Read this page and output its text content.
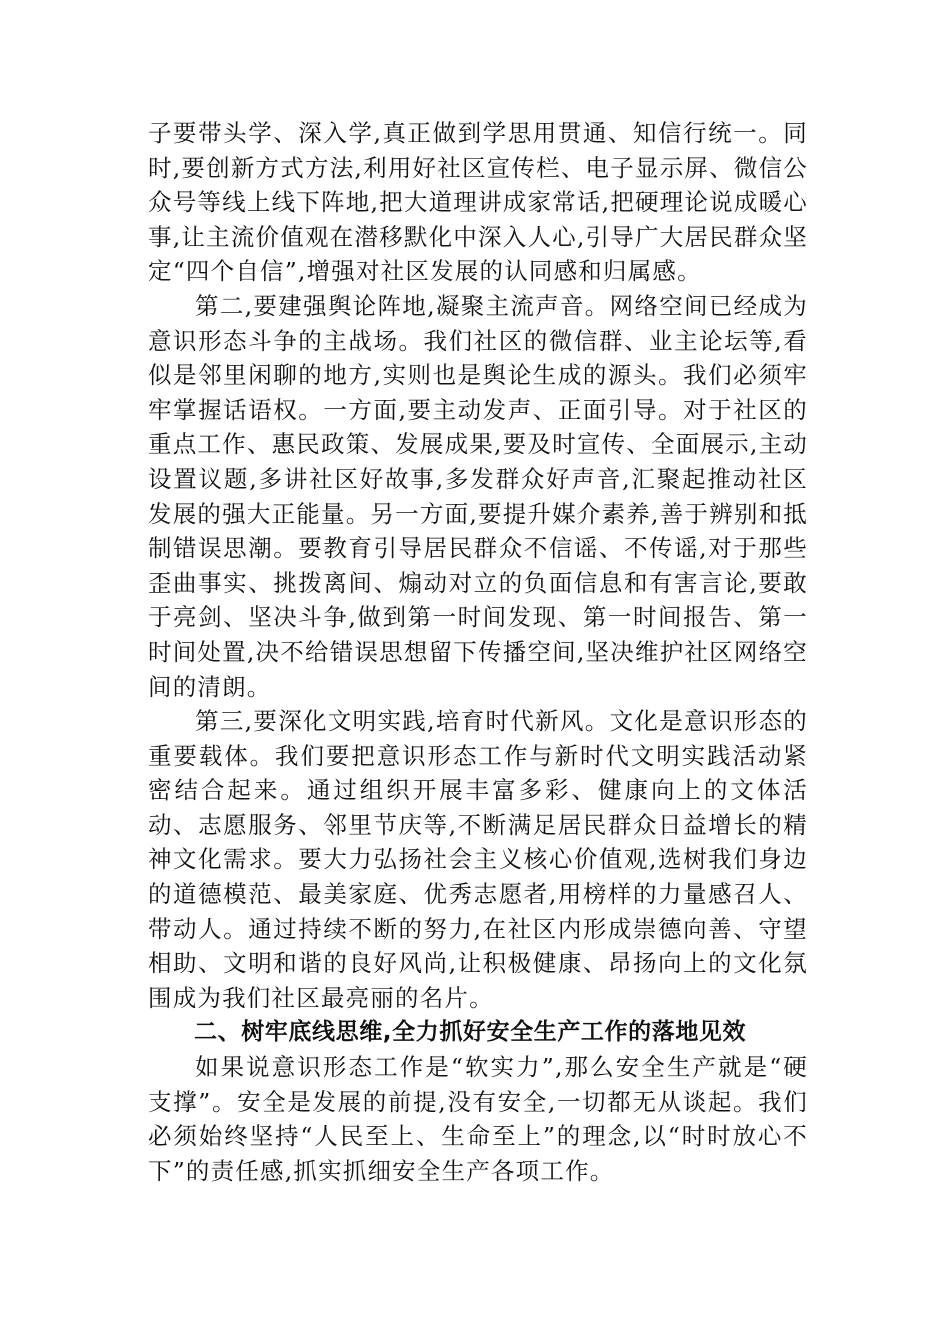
子要带头学、深入学,真正做到学思用贯通、知信行统一。同时,要创新方式方法,利用好社区宣传栏、电子显示屏、微信公众号等线上线下阵地,把大道理讲成家常话,把硬理论说成暖心事,让主流价值观在潜移默化中深入人心,引导广大居民群众坚定“四个自信”,增强对社区发展的认同感和归属感。

第二,要建强舆论阵地,凝聚主流声音。网络空间已经成为意识形态斗争的主战场。我们社区的微信群、业主论坛等,看似是邻里闲聊的地方,实则也是舆论生成的源头。我们必须牢牢掌握话语权。一方面,要主动发声、正面引导。对于社区的重点工作、惠民政策、发展成果,要及时宣传、全面展示,主动设置议题,多讲社区好故事,多发群众好声音,汇聚起推动社区发展的强大正能量。另一方面,要提升媒介素养,善于辨别和抵制错误思潮。要教育引导居民群众不信谣、不传谣,对于那些歪曲事实、挑拨离间、煽动对立的负面信息和有害言论,要敢于亮剑、坚决斗争,做到第一时间发现、第一时间报告、第一时间处置,决不给错误思想留下传播空间,坚决维护社区网络空间的清朗。

第三,要深化文明实践,培育时代新风。文化是意识形态的重要载体。我们要把意识形态工作与新时代文明实践活动紧密结合起来。通过组织开展丰富多彩、健康向上的文体活动、志愿服务、邻里节庆等,不断满足居民群众日益增长的精神文化需求。要大力弘扬社会主义核心价值观,选树我们身边的道德模范、最美家庭、优秀志愿者,用榜样的力量感召人、带动人。通过持续不断的努力,在社区内形成崇德向善、守望相助、文明和谐的良好风尚,让积极健康、昂扬向上的文化氛围成为我们社区最亮丽的名片。

二、树牢底线思维,全力抓好安全生产工作的落地见效

如果说意识形态工作是“软实力”,那么安全生产就是“硬支撑”。安全是发展的前提,没有安全,一切都无从谈起。我们必须始终坚持“人民至上、生命至上”的理念,以“时时放心不下”的责任感,抓实抓细安全生产各项工作。
